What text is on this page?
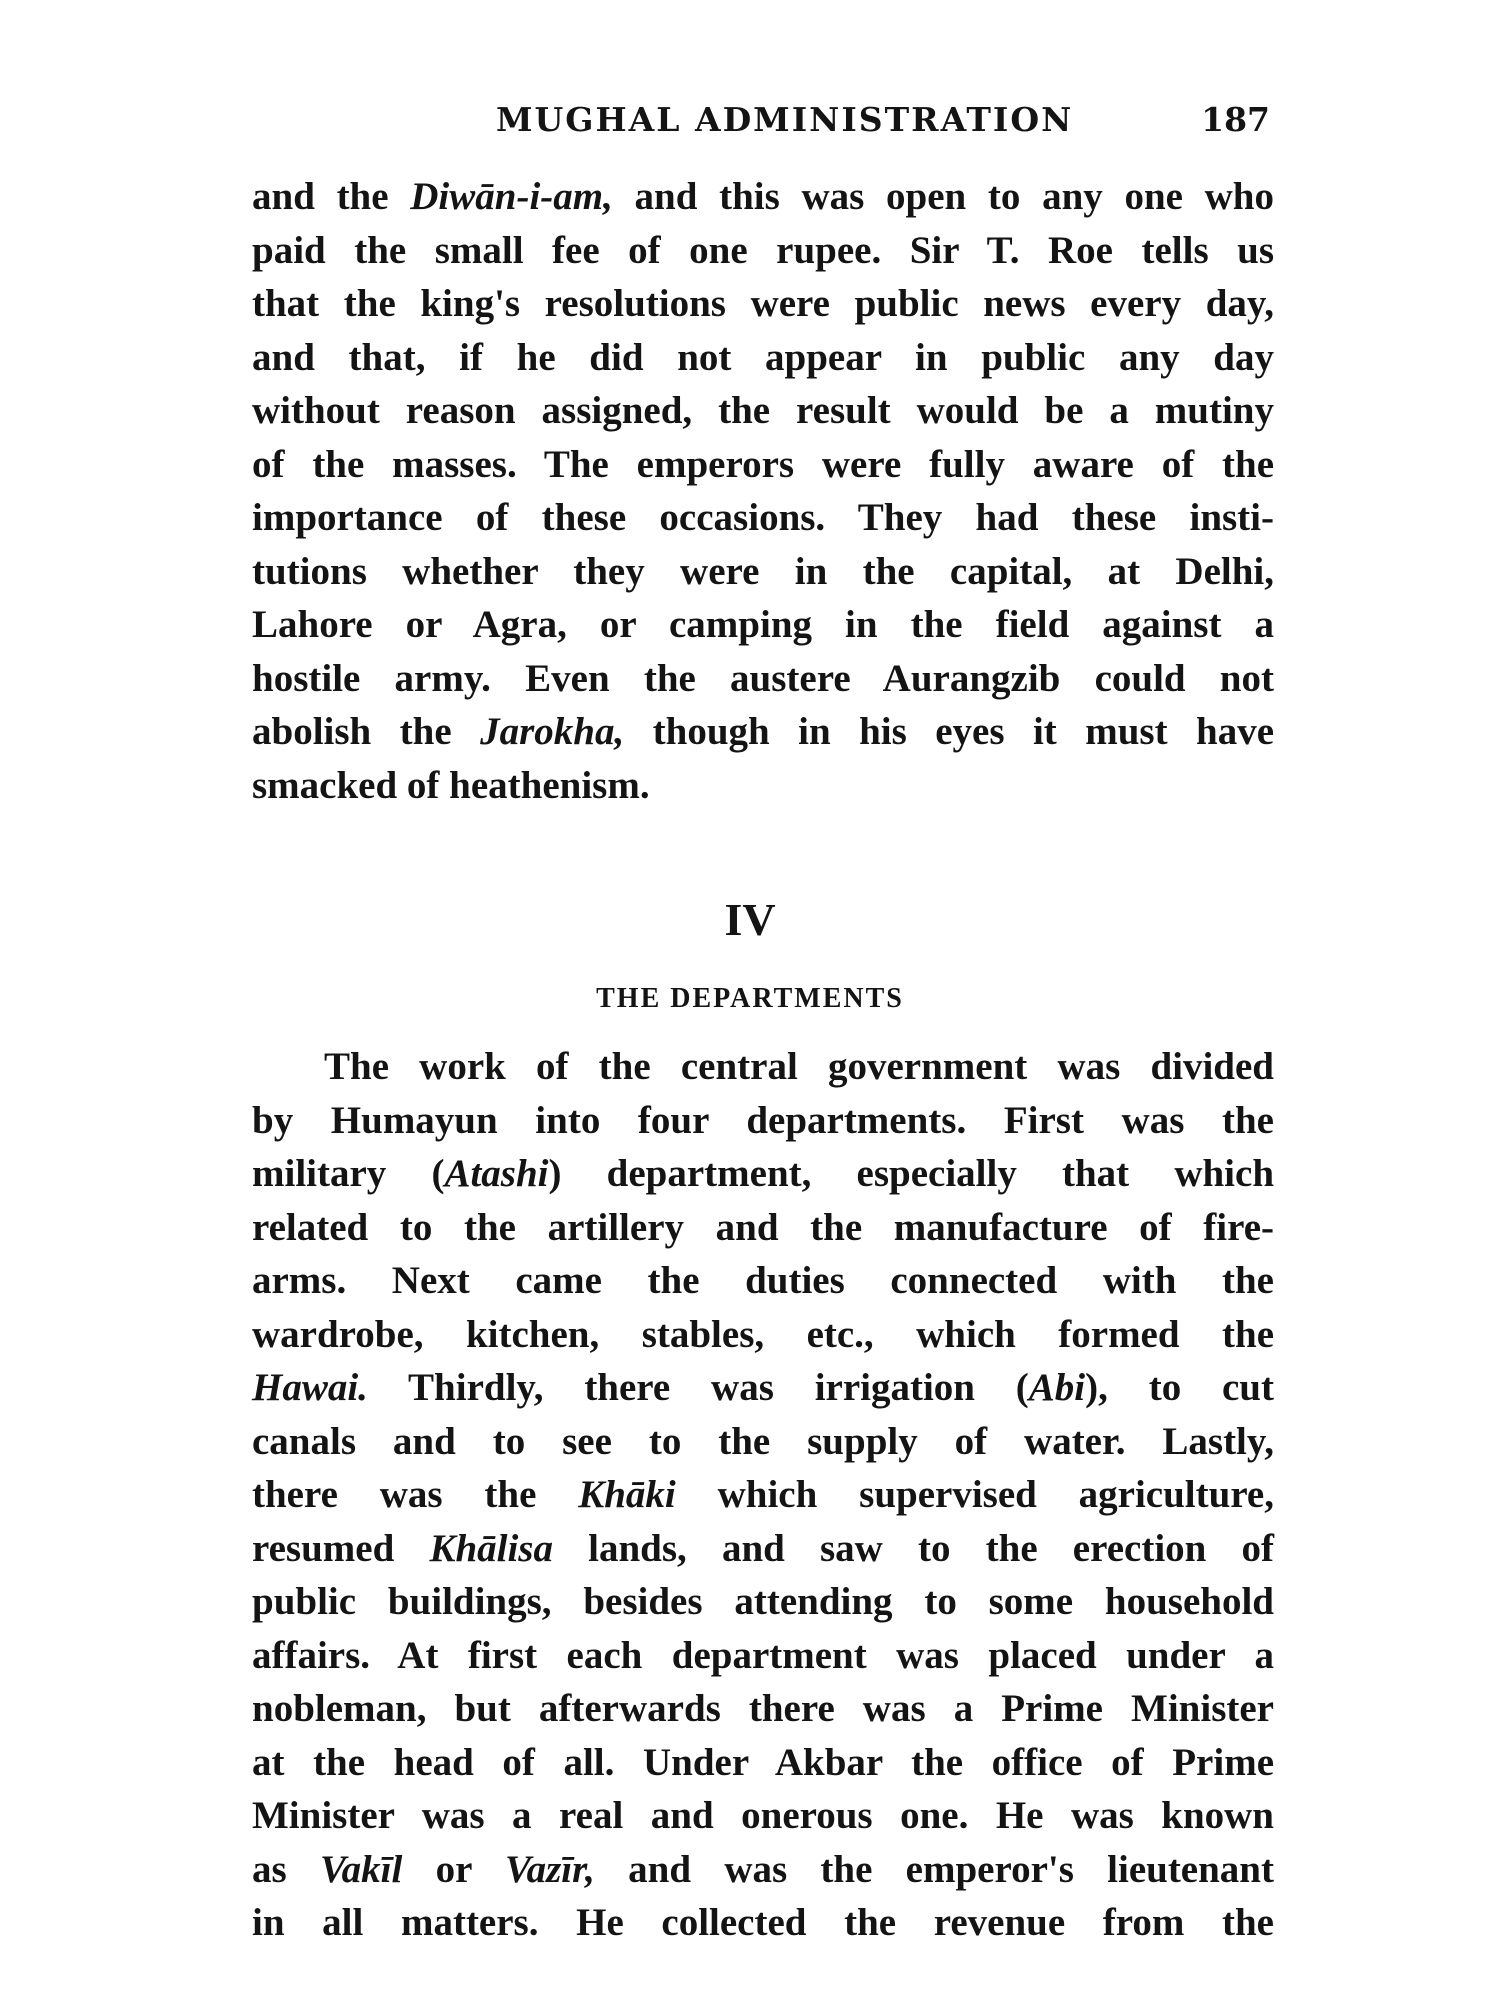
MUGHAL ADMINISTRATION	187
and the Diwān-i-am, and this was open to any one who
paid the small fee of one rupee. Sir T. Roe tells us
that the king's resolutions were public news every day,
and that, if he did not appear in public any day
without reason assigned, the result would be a mutiny
of the masses. The emperors were fully aware of the
importance of these occasions. They had these insti-
tutions whether they were in the capital, at Delhi,
Lahore or Agra, or camping in the field against a
hostile army. Even the austere Aurangzib could not
abolish the Jarokha, though in his eyes it must have
smacked of heathenism.
IV
THE DEPARTMENTS
The work of the central government was divided
by Humayun into four departments. First was the
military (Atashi) department, especially that which
related to the artillery and the manufacture of fire-
arms. Next came the duties connected with the
wardrobe, kitchen, stables, etc., which formed the
Hawai. Thirdly, there was irrigation (Abi), to cut
canals and to see to the supply of water. Lastly,
there was the Khāki which supervised agriculture,
resumed Khālisa lands, and saw to the erection of
public buildings, besides attending to some household
affairs. At first each department was placed under a
nobleman, but afterwards there was a Prime Minister
at the head of all. Under Akbar the office of Prime
Minister was a real and onerous one. He was known
as Vakīl or Vazīr, and was the emperor's lieutenant
in all matters. He collected the revenue from the
